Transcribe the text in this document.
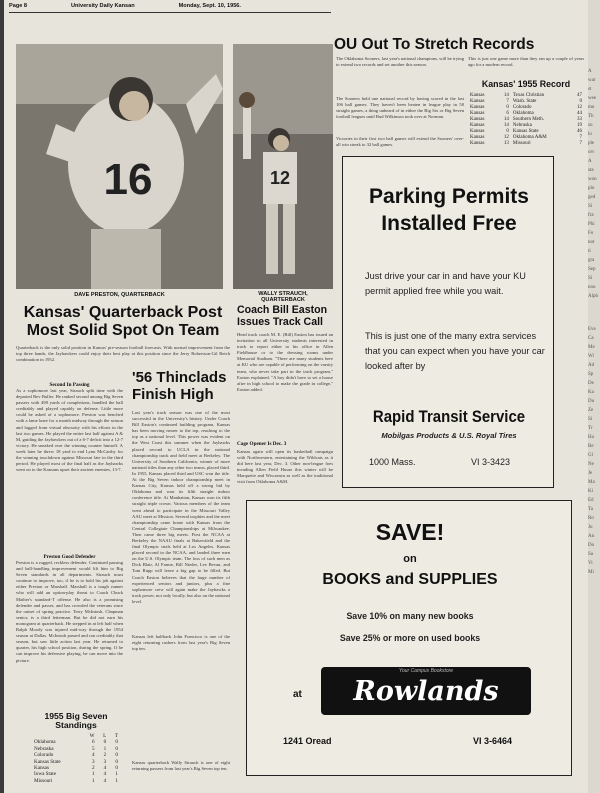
Page 8	University Daily Kansan	Monday, Sept. 10, 1956.
16
DAVE PRESTON, QUARTERBACK
12
WALLY STRAUCH,
QUARTERBACK
Kansas' Quarterback Post
Most Solid Spot On Team
Quarterback is the only solid position in Kansas' pre-season football forecasts. With normal improvement from the top three hands, the Jayhawkers could enjoy their best play at this position since the Jerry Robertson-Gil Reich combination in 1952.
Second In Passing
As a sophomore last year, Strauch split time with the departed Bev Buller. He ranked second among Big Seven passers with 498 yards of completions, handled the ball creditably and played capably on defense. Little more could be asked of a sophomore. Preston was benched with a lame knee for a month midway through the season and lugged from virtual obscurity with his efforts in the last two games. He played the entire last half against A & M, guiding the Jayhawkers out of a 6-7 deficit into a 12-7 victory. He sneaked over the winning counter himself. A week later he threw 18 yard to end Lynn McCarthy for the winning touchdown against Missouri late in the third period. He played most of the final half as the Jayhawks went on to the Kansans upset their ancient enemies, 13-7.
Preston Good Defender
Preston is a rugged, reckless defender. Continued passing and ball-handling improvement would lift him to Big Seven standards in all departments. Strauch must continue to improve, too, if he is to hold his job against either Preston or Marshall. Marshall is a tough runner who will add an option-play threat to Coach Chuck Mather's standard-T offense. He also is a promising defender and passer, and has crowded the veterans since the outset of spring practice. Terry McIntosh, Chapman senior, is a third letterman. But he did not earn his monogram at quarterback. He stepped in at left half when Ralph Moody was injured mid-way through the 1954 season at Dallas. McIntosh passed and ran creditably that season, but saw little action last year. He returned to quarter, his high school position, during the spring. If he can improve his defensive playing, he can move into the picture.
1955 Big Seven
Standings
	W	L	T
Oklahoma	6	0	0
Nebraska	5	1	0
Colorado	4	2	0
Kansas State	3	3	0
Kansas	2	4	0
Iowa State	1	4	1
Missouri	1	4	1
'56 Thinclads
Finish High
Last year's track season was one of the most successful in the University's history. Under Coach Bill Easton's continued building program, Kansas has been moving nearer to the top, reaching to the top as a national level. This power was evident on the West Coast this summer when the Jayhawks placed second to UCLA in the national championship track and field meet at Berkeley. The University of Southern California, winner of more national titles than any other two teams, placed third. In 1955, Kansas placed third and USC won the title. At the Big Seven indoor championship meet in Kansas City, Kansas held off a strong bid by Oklahoma and won its fifth straight indoor conference title. At Manhattan, Kansas won its fifth straight triple crown. Various members of the team went ahead to participate in the Missouri Valley AAU meet at Mission. Several trophies and the meet championship came home with Kansas from the Central Collegiate Championships at Milwaukee. Then came three big meets. First the NCAA at Berkeley the NAAU finals at Bakersfield and the final Olympic trials held at Los Angeles. Kansas placed second in the NCAA, and landed three men on the U.S. Olympic team. The loss of such men as Dick Blair, Al Frame, Bill Nieder, Lee Bevan, and Tom Rupp will leave a big gap to be filled. But Coach Easton believes that the large number of experienced seniors and juniors, plus a fine sophomore crew will again make the Jayhawks a track power, not only locally, but also on the national level.
Kansas left halfback John Francisco is one of the eight returning rushers from last year's Big Seven top ten.
Kansas quarterback Wally Strauch is one of eight returning passers from last year's Big Seven top ten.
Coach Bill Easton
Issues Track Call
Head track coach M. E. (Bill) Easton has issued an invitation to all University students interested in track to report either to his office in Allen Fieldhouse or to the dressing rooms under Memorial Stadium. "There are many students here at KU who are capable of performing on the varsity team, who never take part in the track program," Easton explained. "A boy didn't have to set a house afire in high school to make the grade in college," Easton added.
Cage Opener Is Dec. 3
Kansas again will open its basketball campaign with Northwestern, entertaining the Wildcats as it did here last year, Dec. 3. Other non-league foes invading Allen Field House this winter will be Marquette and Wisconsin as well as the traditional visit from Oklahoma A&M.
OU Out To Stretch Records
The Oklahoma Sooners, last year's national champions, will be trying to extend two records and set another this season.
The Sooners hold one national record by having scored in the last 106 ball games. They haven't been beaten in league play in 50 straight games, a thing unheard of in either the Big Six or Big Seven football leagues until Bud Wilkinson took over at Norman.
Victories in their first two ball games will extend the Sooners' over-all win streak to 32 ball games.
This is just one game more than they ran up a couple of years ago for a modern record.
Kansas' 1955 Record
Kansas	14	Texas Christian	47
Kansas	7	Wash. State	0
Kansas	0	Colorado	12
Kansas	6	Oklahoma	44
Kansas	14	Southern Meth.	33
Kansas	14	Nebraska	19
Kansas	0	Kansas State	46
Kansas	12	Oklahoma A&M	7
Kansas	13	Missouri	7
Parking Permits
Installed Free
Just drive your car in and have your KU permit applied free while you wait.
This is just one of the many extra services that you can expect when you have your car looked after by
Rapid Transit Service
Mobilgas Products & U.S. Royal Tires
1000 Mass.	VI 3-3423
SAVE!
on
BOOKS and SUPPLIES
Save 10% on many new books
Save 25% or more on used books
at
Your Campus Bookstore
Rowlands
1241 Oread	VI 3-6464
A
war
st
wee
mu
Th
so
lo
ple
cer
A
sta
won
plo
ged
Si
fra
Phi
Fo
not
ti
gra
Sep
Si
nou
Alph
Eve
Ca
Me
Wi
Ad
Sp
De
Ka
Du
Ze
Si
Tr
Ha
Be
Gl
Ne
Je
Ma
Ki
Ed
Ta
Ro
Ju
An
Do
Sa
Vi
Mi
